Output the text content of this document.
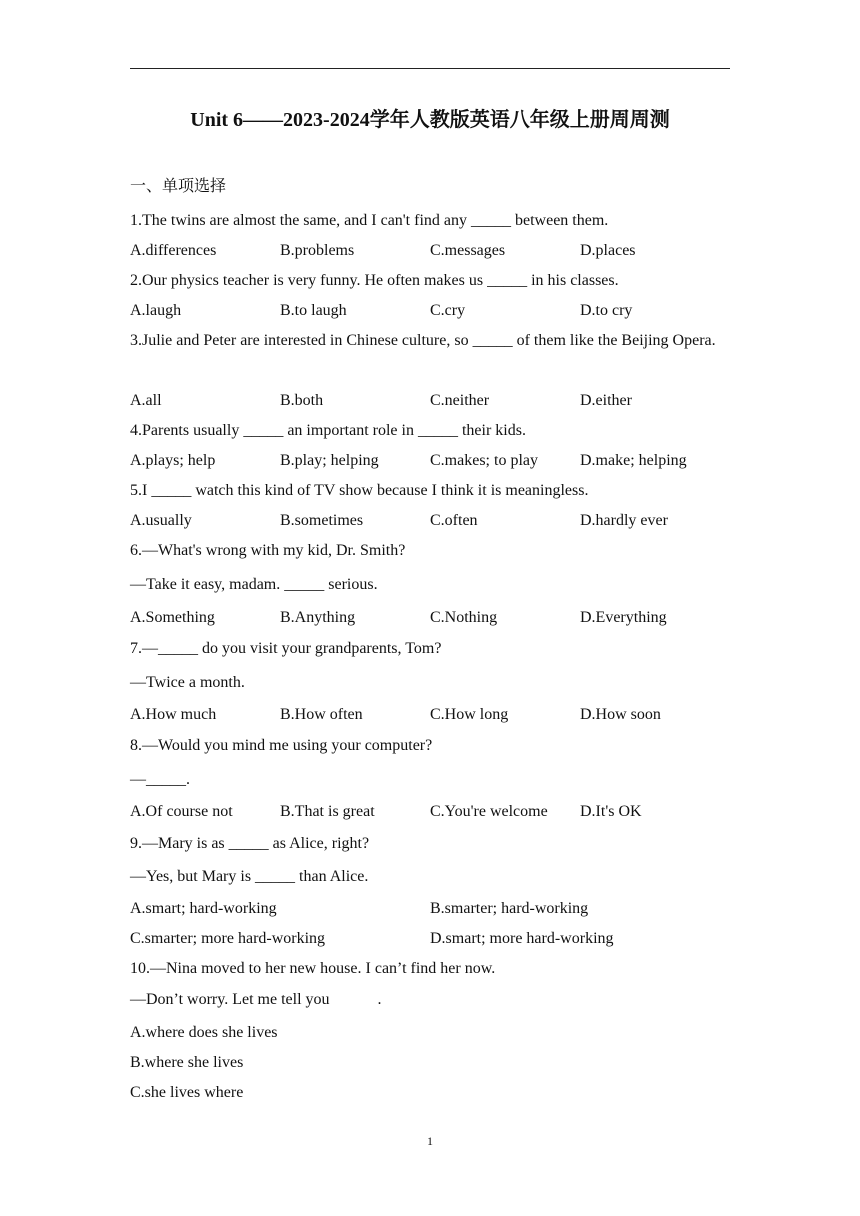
Unit 6——2023-2024学年人教版英语八年级上册周周测
一、单项选择
1.The twins are almost the same, and I can't find any _____ between them.
A.differences	B.problems	C.messages	D.places
2.Our physics teacher is very funny. He often makes us _____ in his classes.
A.laugh	B.to laugh	C.cry	D.to cry
3.Julie and Peter are interested in Chinese culture, so _____ of them like the Beijing Opera.
A.all	B.both	C.neither	D.either
4.Parents usually _____ an important role in _____ their kids.
A.plays; help	B.play; helping	C.makes; to play	D.make; helping
5.I _____ watch this kind of TV show because I think it is meaningless.
A.usually	B.sometimes	C.often	D.hardly ever
6.—What's wrong with my kid, Dr. Smith?
—Take it easy, madam. _____ serious.
A.Something	B.Anything	C.Nothing	D.Everything
7.—_____ do you visit your grandparents, Tom?
—Twice a month.
A.How much	B.How often	C.How long	D.How soon
8.—Would you mind me using your computer?
—_____.
A.Of course not	B.That is great	C.You're welcome D.It's OK
9.—Mary is as _____ as Alice, right?
—Yes, but Mary is _____ than Alice.
A.smart; hard-working	B.smarter; hard-working
C.smarter; more hard-working	D.smart; more hard-working
10.—Nina moved to her new house. I can’t find her now.
—Don’t worry. Let me tell you            .
A.where does she lives
B.where she lives
C.she lives where
1
